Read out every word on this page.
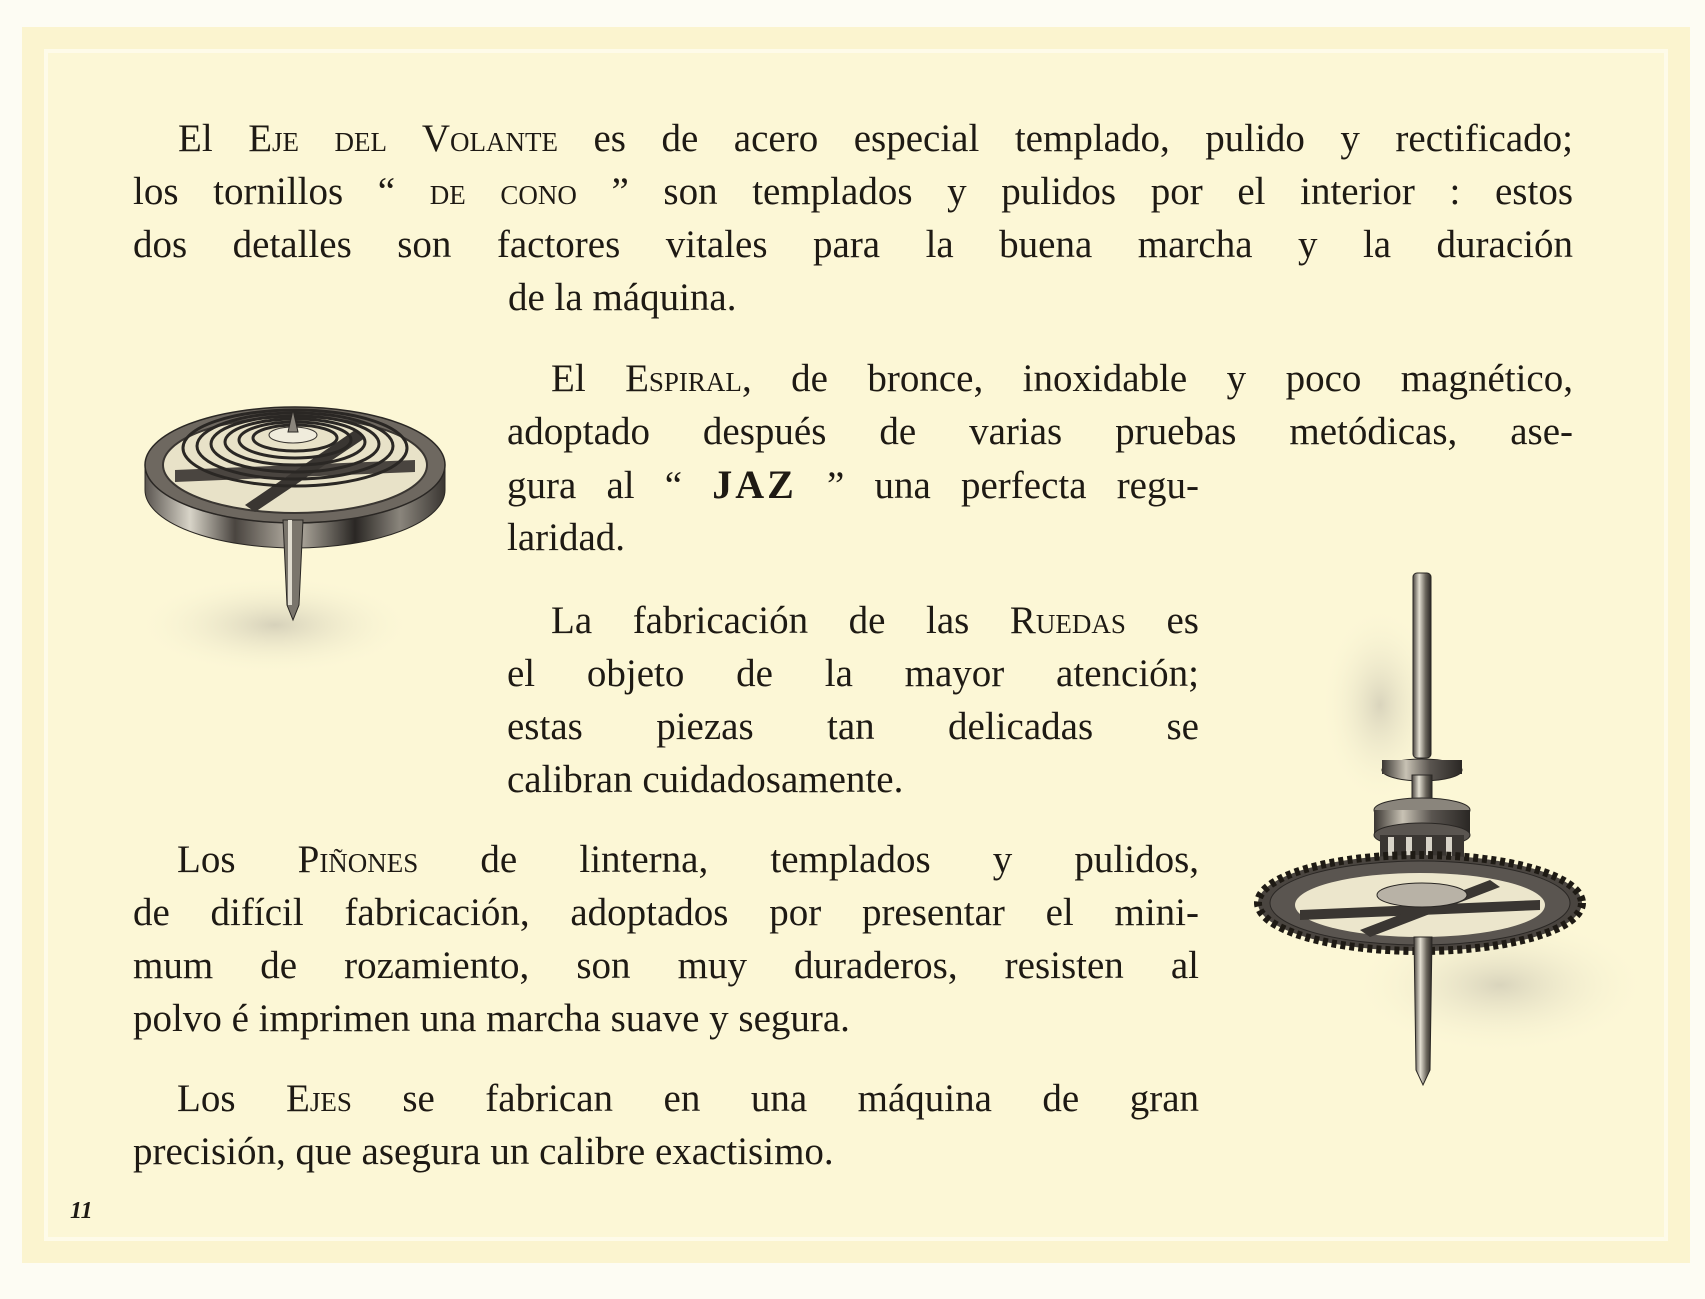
El Eje del Volante es de acero especial templado, pulido y rectificado;
los tornillos “ de cono ” son templados y pulidos por el interior : estos
dos detalles son factores vitales para la buena marcha y la duración
de la máquina.
El Espiral, de bronce, inoxidable y poco magnético,
adoptado después de varias pruebas metódicas, ase-
gura al “ JAZ ” una perfecta regu-
laridad.
La fabricación de las Ruedas es
el objeto de la mayor atención;
estas piezas tan delicadas se
calibran cuidadosamente.
Los Piñones de linterna, templados y pulidos,
de difícil fabricación, adoptados por presentar el mini-
mum de rozamiento, son muy duraderos, resisten al
polvo é imprimen una marcha suave y segura.
Los Ejes se fabrican en una máquina de gran
precisión, que asegura un calibre exactisimo.
11
